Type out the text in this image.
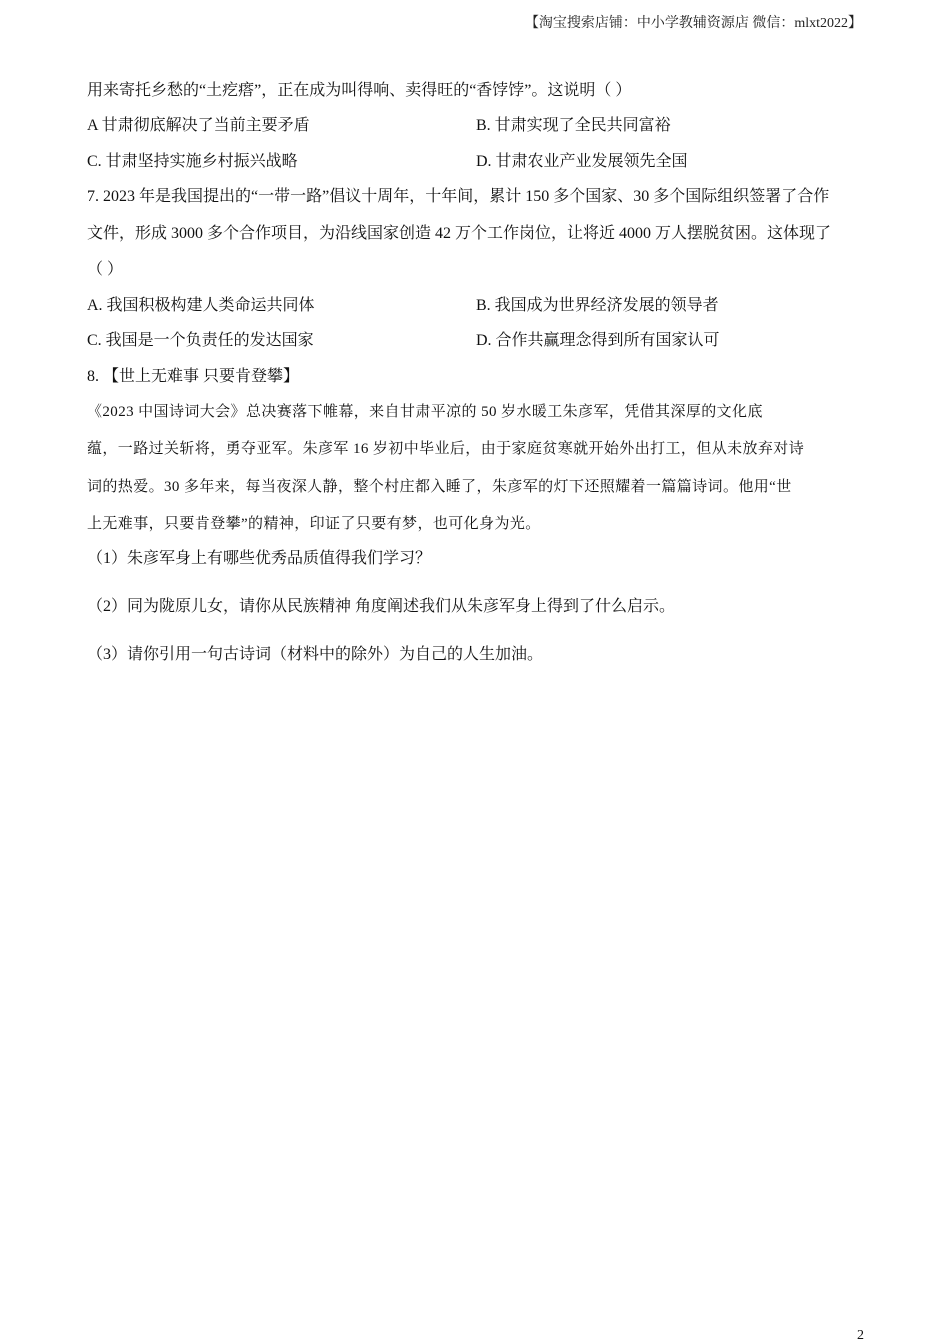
【淘宝搜索店铺：中小学教辅资源店 微信：mlxt2022】
用来寄托乡愁的“土疙瘩”，正在成为叫得响、卖得旺的“香饽饽”。这说明（ ）
A 甘肃彻底解决了当前主要矛盾	B. 甘肃实现了全民共同富裕
C. 甘肃坚持实施乡村振兴战略	D. 甘肃农业产业发展领先全国
7. 2023 年是我国提出的“一带一路”倡议十周年，十年间，累计 150 多个国家、30 多个国际组织签署了合作
文件，形成 3000 多个合作项目，为沿线国家创造 42 万个工作岗位，让将近 4000 万人摆脱贫困。这体现了
（ ）
A. 我国积极构建人类命运共同体	B. 我国成为世界经济发展的领导者
C. 我国是一个负责任的发达国家	D. 合作共赢理念得到所有国家认可
8. 【世上无难事 只要肯登攀】
《2023 中国诗词大会》总决赛落下帷幕，来自甘肃平凉的 50 岁水暖工朱彦军，凭借其深厚的文化底
蕴，一路过关斩将，勇夺亚军。朱彦军 16 岁初中毕业后，由于家庭贫寒就开始外出打工，但从未放弃对诗
词的热爱。30 多年来，每当夜深人静，整个村庄都入睡了，朱彦军的灯下还照耀着一篇篇诗词。他用“世
上无难事，只要肯登攀”的精神，印证了只要有梦，也可化身为光。
（1）朱彦军身上有哪些优秀品质值得我们学习？
（2）同为陇原儿女，请你从民族精神 角度阐述我们从朱彦军身上得到了什么启示。
（3）请你引用一句古诗词（材料中的除外）为自己的人生加油。
2
